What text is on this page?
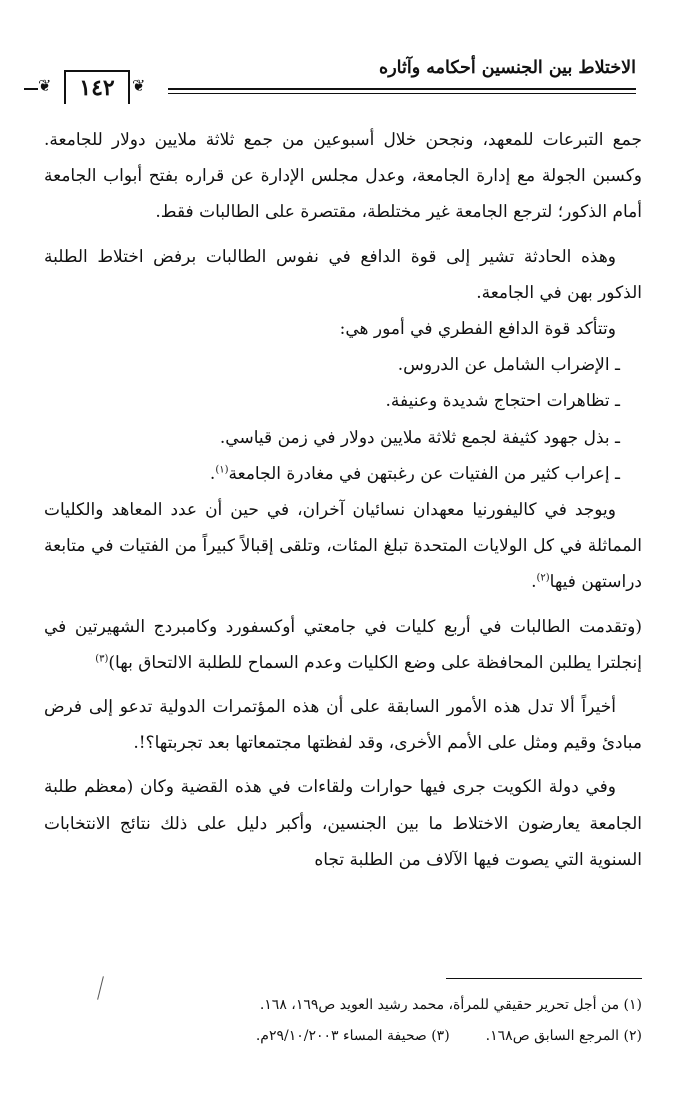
الاختلاط بين الجنسين أحكامه وآثاره
❦
١٤٢
❦

جمع التبرعات للمعهد، ونجحن خلال أسبوعين من جمع ثلاثة ملايين دولار للجامعة. وكسبن الجولة مع إدارة الجامعة، وعدل مجلس الإدارة عن قراره بفتح أبواب الجامعة أمام الذكور؛ لترجع الجامعة غير مختلطة، مقتصرة على الطالبات فقط.

وهذه الحادثة تشير إلى قوة الدافع في نفوس الطالبات برفض اختلاط الطلبة الذكور بهن في الجامعة.

وتتأكد قوة الدافع الفطري في أمور هي:

ـ الإضراب الشامل عن الدروس.

ـ تظاهرات احتجاج شديدة وعنيفة.

ـ بذل جهود كثيفة لجمع ثلاثة ملايين دولار في زمن قياسي.

ـ إعراب كثير من الفتيات عن رغبتهن في مغادرة الجامعة$^{(١)}$.

ويوجد في كاليفورنيا معهدان نسائيان آخران، في حين أن عدد المعاهد والكليات المماثلة في كل الولايات المتحدة تبلغ المئات، وتلقى إقبالاً كبيراً من الفتيات في متابعة دراستهن فيها$^{(٢)}$.

(وتقدمت الطالبات في أربع كليات في جامعتي أوكسفورد وكامبردج الشهيرتين في إنجلترا يطلبن المحافظة على وضع الكليات وعدم السماح للطلبة الالتحاق بها)$^{(٣)}$

أخيراً ألا تدل هذه الأمور السابقة على أن هذه المؤتمرات الدولية تدعو إلى فرض مبادئ وقيم ومثل على الأمم الأخرى، وقد لفظتها مجتمعاتها بعد تجربتها؟!.

وفي دولة الكويت جرى فيها حوارات ولقاءات في هذه القضية وكان (معظم طلبة الجامعة يعارضون الاختلاط ما بين الجنسين، وأكبر دليل على ذلك نتائج الانتخابات السنوية التي يصوت فيها الآلاف من الطلبة تجاه

(١) من أجل تحرير حقيقي للمرأة، محمد رشيد العويد ص١٦٩، ١٦٨.
(٢) المرجع السابق ص١٦٨.
(٣) صحيفة المساء ٢٩/١٠/٢٠٠٣م.
